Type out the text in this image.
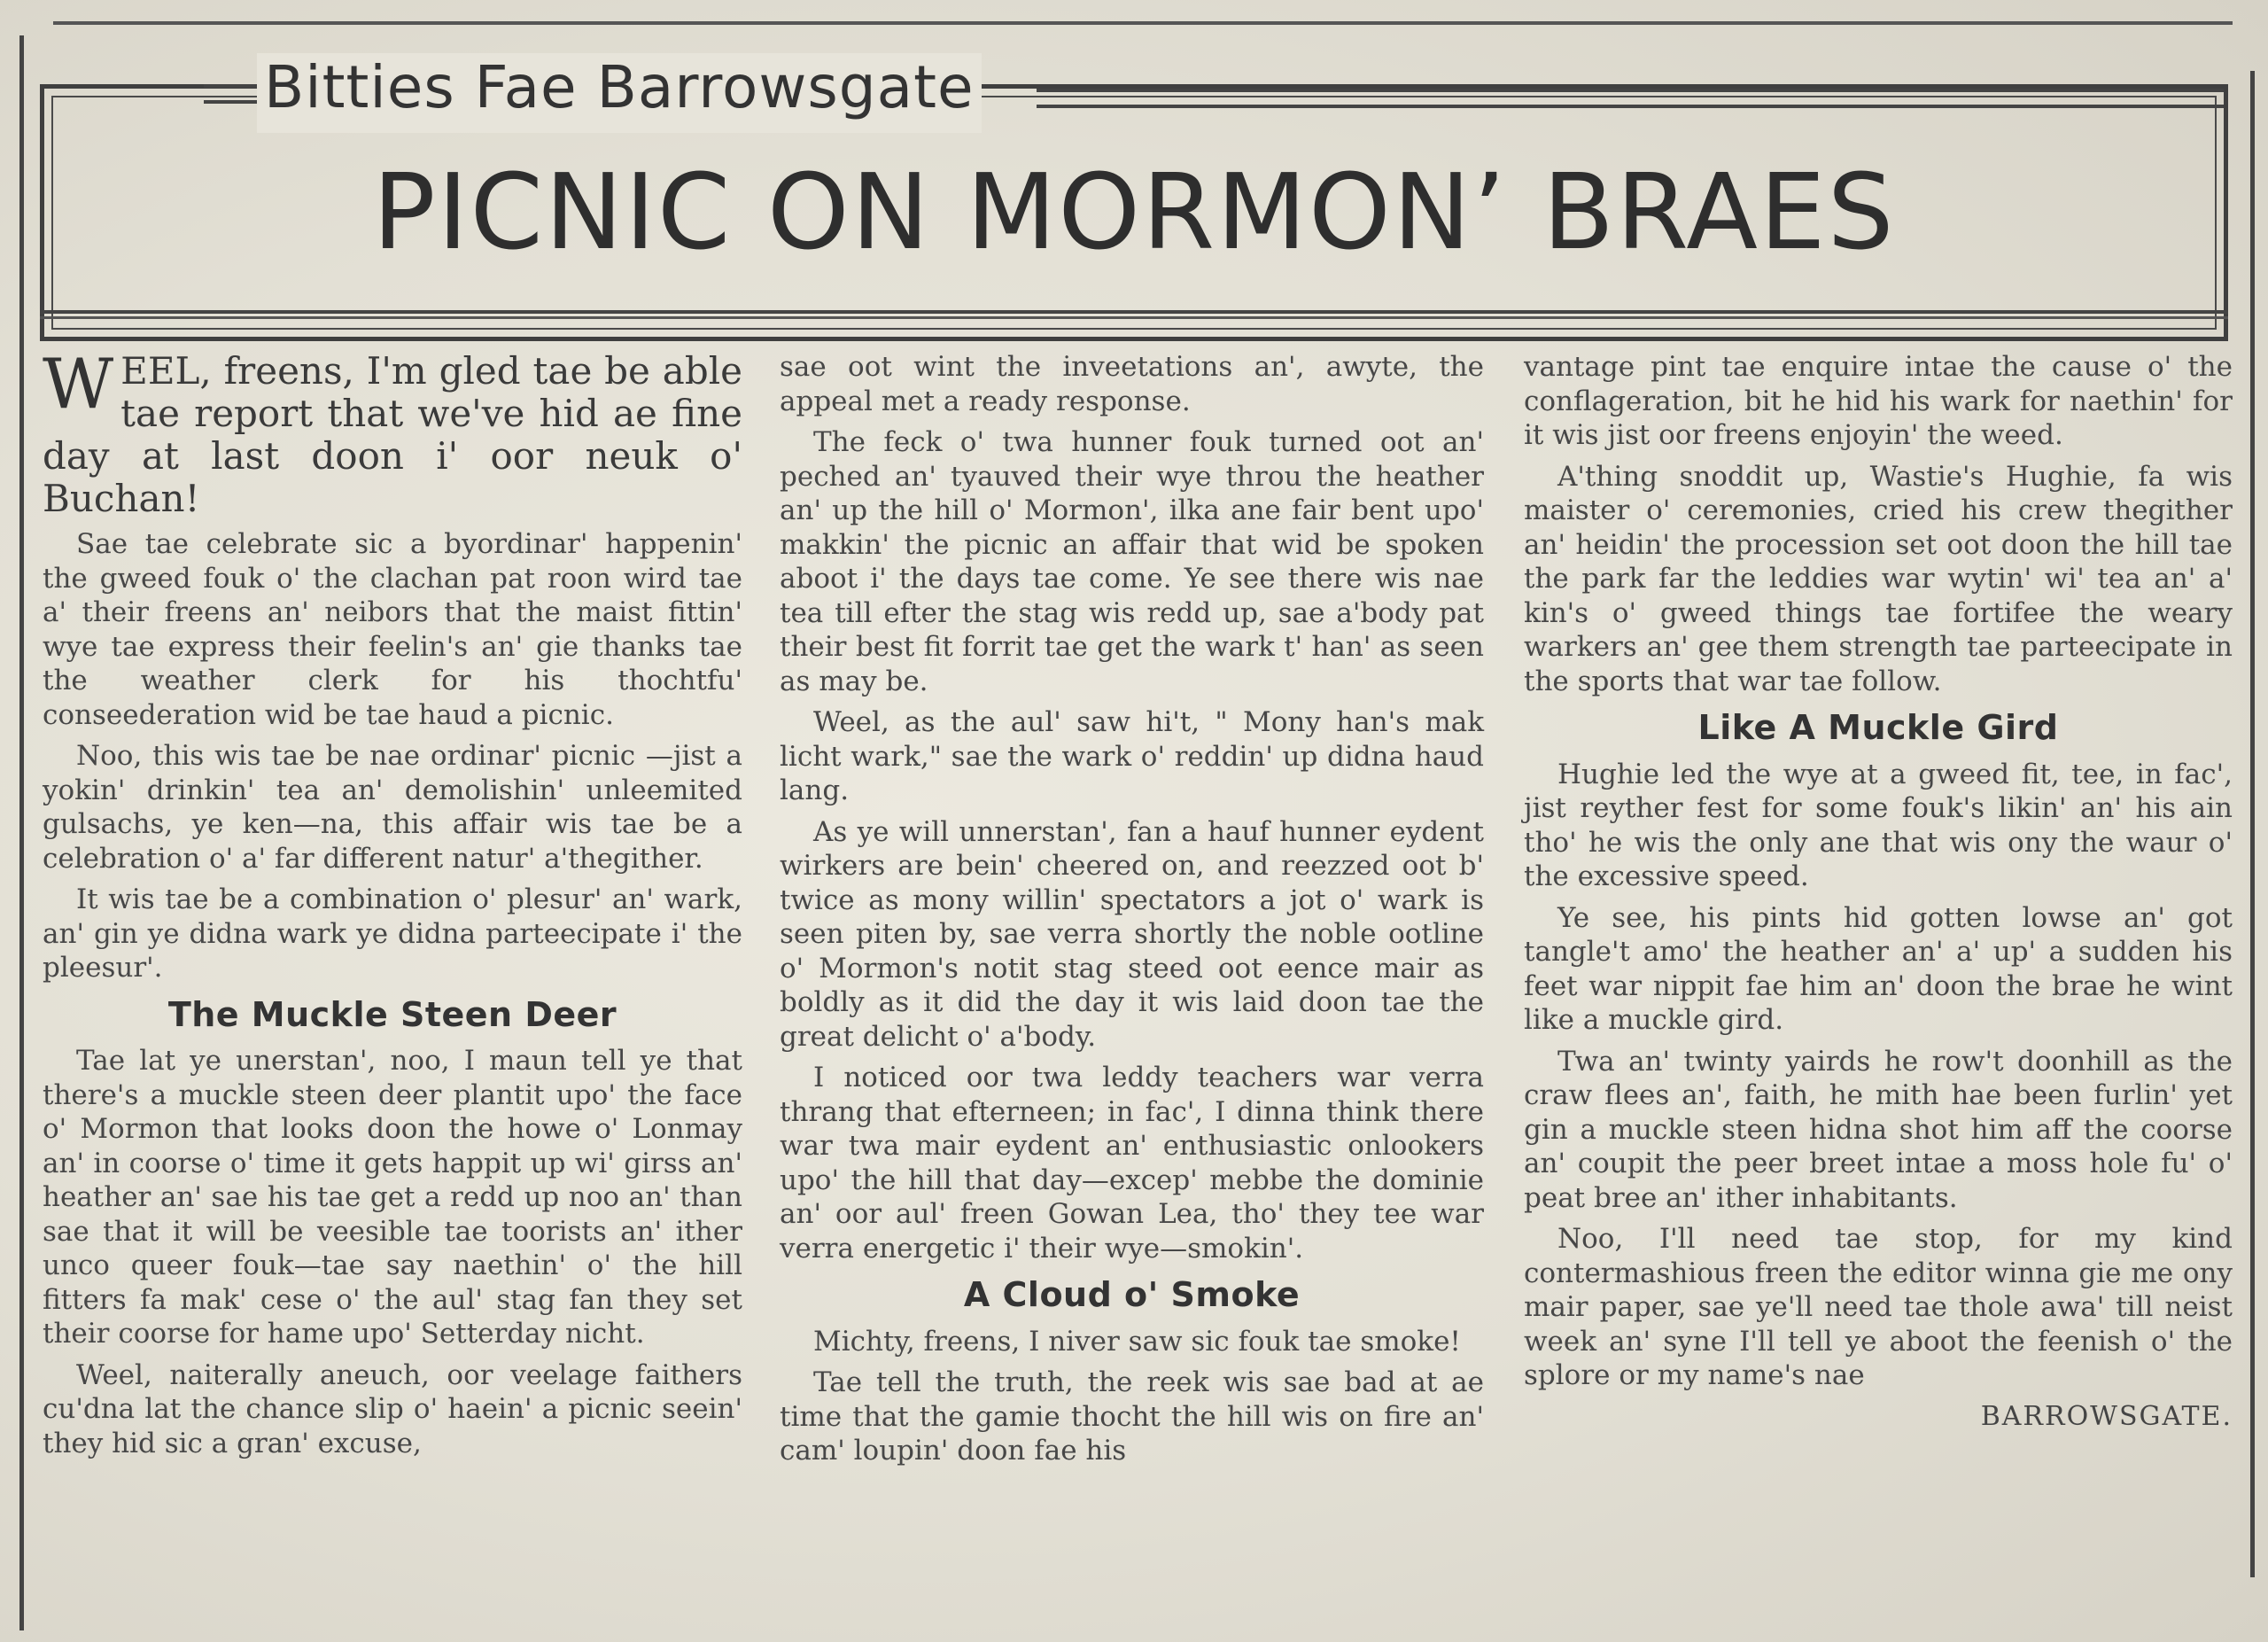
Bitties Fae Barrowsgate
PICNIC ON MORMON’ BRAES

WEEL, freens, I'm gled tae be able tae report that we've hid ae fine day at last doon i' oor neuk o' Buchan!

Sae tae celebrate sic a byordinar' happenin' the gweed fouk o' the clachan pat roon wird tae a' their freens an' neibors that the maist fittin' wye tae express their feelin's an' gie thanks tae the weather clerk for his thochtfu' conseederation wid be tae haud a picnic.

Noo, this wis tae be nae ordinar' picnic —jist a yokin' drinkin' tea an' demolishin' unleemited gulsachs, ye ken—na, this affair wis tae be a celebration o' a' far different natur' a'thegither.

It wis tae be a combination o' plesur' an' wark, an' gin ye didna wark ye didna parteecipate i' the pleesur'.

The Muckle Steen Deer

Tae lat ye unerstan', noo, I maun tell ye that there's a muckle steen deer plantit upo' the face o' Mormon that looks doon the howe o' Lonmay an' in coorse o' time it gets happit up wi' girss an' heather an' sae his tae get a redd up noo an' than sae that it will be veesible tae toorists an' ither unco queer fouk—tae say naethin' o' the hill fitters fa mak' cese o' the aul' stag fan they set their coorse for hame upo' Setterday nicht.

Weel, naiterally aneuch, oor veelage faithers cu'dna lat the chance slip o' haein' a picnic seein' they hid sic a gran' excuse,

sae oot wint the inveetations an', awyte, the appeal met a ready response.

The feck o' twa hunner fouk turned oot an' peched an' tyauved their wye throu the heather an' up the hill o' Mormon', ilka ane fair bent upo' makkin' the picnic an affair that wid be spoken aboot i' the days tae come. Ye see there wis nae tea till efter the stag wis redd up, sae a'body pat their best fit forrit tae get the wark t' han' as seen as may be.

Weel, as the aul' saw hi't, " Mony han's mak licht wark," sae the wark o' reddin' up didna haud lang.

As ye will unnerstan', fan a hauf hunner eydent wirkers are bein' cheered on, and reezzed oot b' twice as mony willin' spectators a jot o' wark is seen piten by, sae verra shortly the noble ootline o' Mormon's notit stag steed oot eence mair as boldly as it did the day it wis laid doon tae the great delicht o' a'body.

I noticed oor twa leddy teachers war verra thrang that efterneen; in fac', I dinna think there war twa mair eydent an' enthusiastic onlookers upo' the hill that day—excep' mebbe the dominie an' oor aul' freen Gowan Lea, tho' they tee war verra energetic i' their wye—smokin'.

A Cloud o' Smoke

Michty, freens, I niver saw sic fouk tae smoke!

Tae tell the truth, the reek wis sae bad at ae time that the gamie thocht the hill wis on fire an' cam' loupin' doon fae his

vantage pint tae enquire intae the cause o' the conflageration, bit he hid his wark for naethin' for it wis jist oor freens enjoyin' the weed.

A'thing snoddit up, Wastie's Hughie, fa wis maister o' ceremonies, cried his crew thegither an' heidin' the procession set oot doon the hill tae the park far the leddies war wytin' wi' tea an' a' kin's o' gweed things tae fortifee the weary warkers an' gee them strength tae parteecipate in the sports that war tae follow.

Like A Muckle Gird

Hughie led the wye at a gweed fit, tee, in fac', jist reyther fest for some fouk's likin' an' his ain tho' he wis the only ane that wis ony the waur o' the excessive speed.

Ye see, his pints hid gotten lowse an' got tangle't amo' the heather an' a' up' a sudden his feet war nippit fae him an' doon the brae he wint like a muckle gird.

Twa an' twinty yairds he row't doonhill as the craw flees an', faith, he mith hae been furlin' yet gin a muckle steen hidna shot him aff the coorse an' coupit the peer breet intae a moss hole fu' o' peat bree an' ither inhabitants.

Noo, I'll need tae stop, for my kind contermashious freen the editor winna gie me ony mair paper, sae ye'll need tae thole awa' till neist week an' syne I'll tell ye aboot the feenish o' the splore or my name's nae

BARROWSGATE.
